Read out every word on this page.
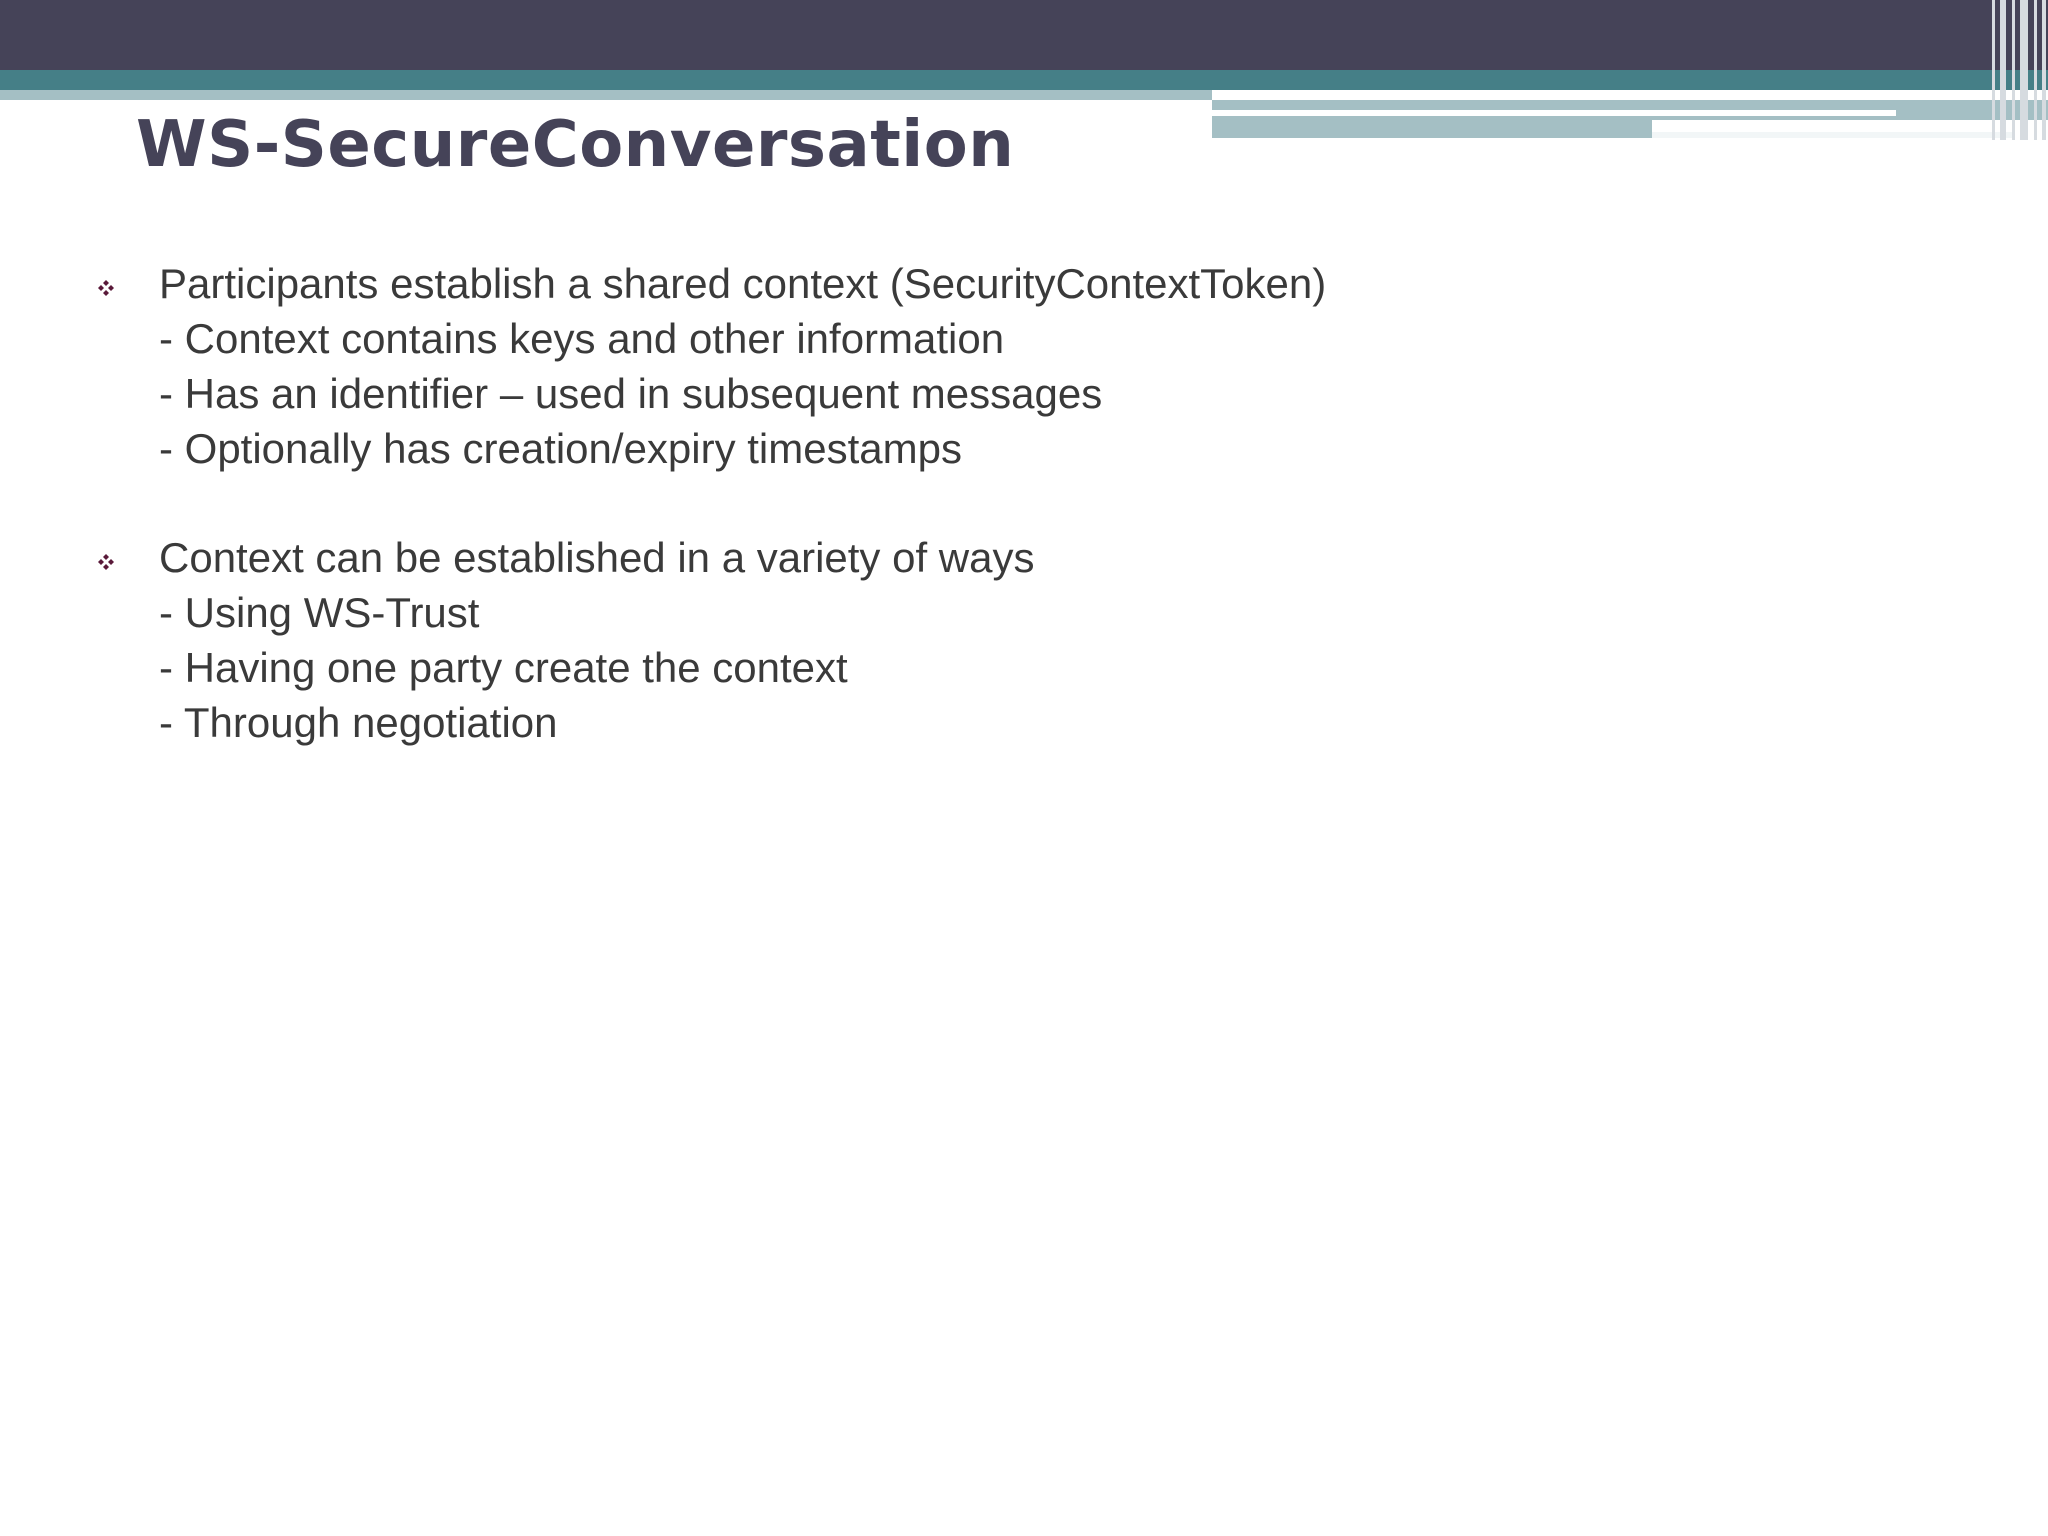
WS-SecureConversation
Participants establish a shared context (SecurityContextToken)
- Context contains keys and other information
- Has an identifier – used in subsequent messages
- Optionally has creation/expiry timestamps
Context can be established in a variety of ways
- Using WS-Trust
- Having one party create the context
- Through negotiation
